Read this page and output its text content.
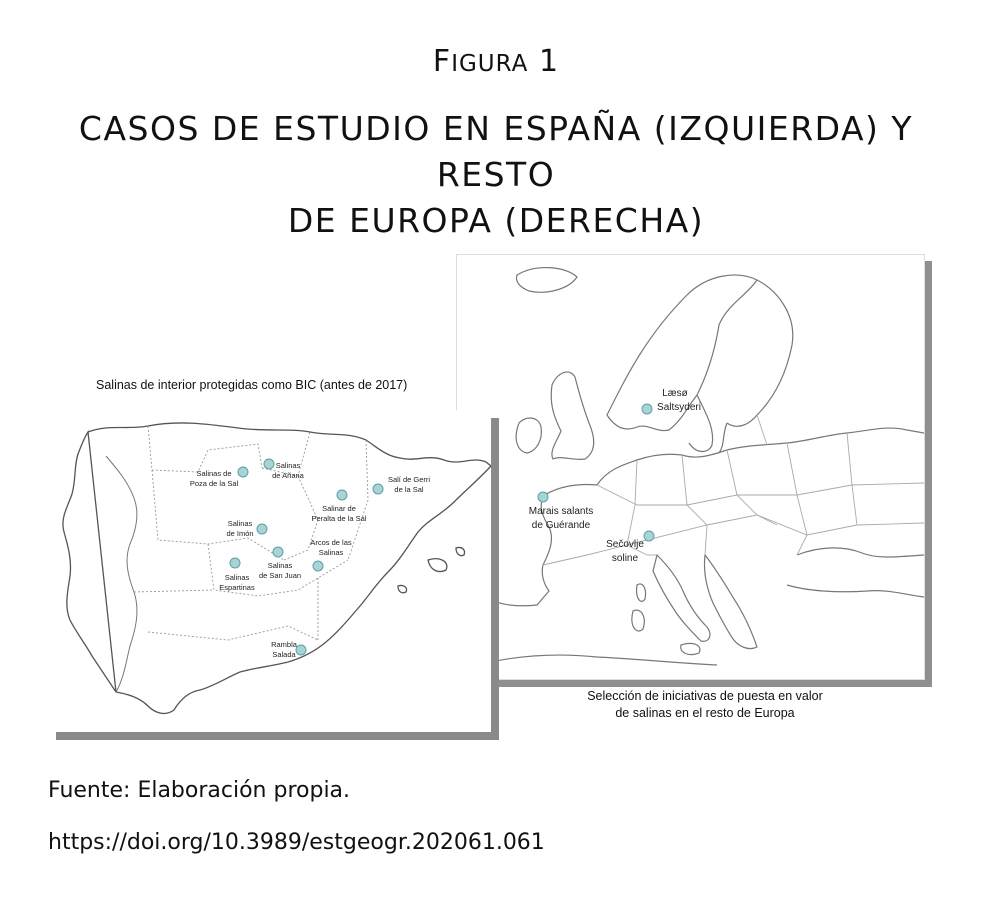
FIGURA 1
CASOS DE ESTUDIO EN ESPAÑA (IZQUIERDA) Y RESTO
DE EUROPA (DERECHA)
Læsø
Saltsyderi
Marais salants
de Guérande
Sečovlje
soline
Salinas de interior protegidas como BIC (antes de 2017)
Salinas de
Poza de la Sal
Salinas
de Añana	Salí de Gerri
de la Sal
Salinar de
Peralta de la Sal
Salinas
de Imón
Arcos de las
Salinas
Salinas
de San Juan
Salinas
Espartinas
Rambla
Salada
Selección de iniciativas de puesta en valor
de salinas en el resto de Europa
Fuente: Elaboración propia.
https://doi.org/10.3989/estgeogr.202061.061
